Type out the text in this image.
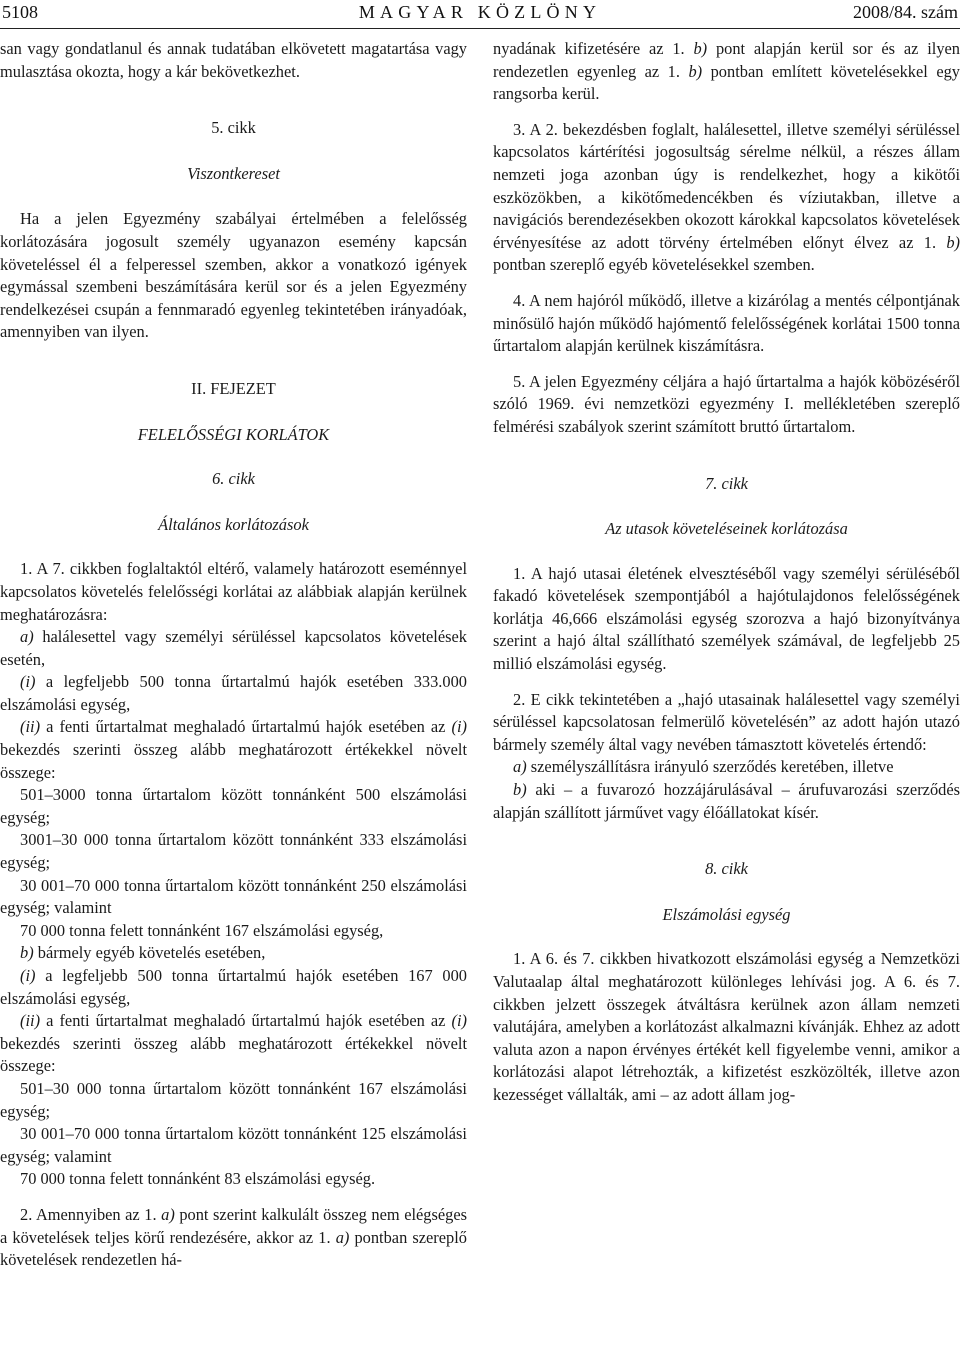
5108	MAGYAR KÖZLÖNY	2008/84. szám

san vagy gondatlanul és annak tudatában elkövetett magatartása vagy mulasztása okozta, hogy a kár bekövetkezhet.

5. cikk

Viszontkereset

Ha a jelen Egyezmény szabályai értelmében a felelősség korlátozására jogosult személy ugyanazon esemény kapcsán követeléssel él a felperessel szemben, akkor a vonatkozó igények egymással szembeni beszámítására kerül sor és a jelen Egyezmény rendelkezései csupán a fennmaradó egyenleg tekintetében irányadóak, amennyiben van ilyen.

II. FEJEZET

FELELŐSSÉGI KORLÁTOK

6. cikk

Általános korlátozások

1. A 7. cikkben foglaltaktól eltérő, valamely határozott eseménnyel kapcsolatos követelés felelősségi korlátai az alábbiak alapján kerülnek meghatározásra:

a) halálesettel vagy személyi sérüléssel kapcsolatos követelések esetén,

(i) a legfeljebb 500 tonna űrtartalmú hajók esetében 333.000 elszámolási egység,

(ii) a fenti űrtartalmat meghaladó űrtartalmú hajók esetében az (i) bekezdés szerinti összeg alább meghatározott értékekkel növelt összege:

501–3000 tonna űrtartalom között tonnánként 500 elszámolási egység;

3001–30 000 tonna űrtartalom között tonnánként 333 elszámolási egység;

30 001–70 000 tonna űrtartalom között tonnánként 250 elszámolási egység; valamint

70 000 tonna felett tonnánként 167 elszámolási egység,

b) bármely egyéb követelés esetében,

(i) a legfeljebb 500 tonna űrtartalmú hajók esetében 167 000 elszámolási egység,

(ii) a fenti űrtartalmat meghaladó űrtartalmú hajók esetében az (i) bekezdés szerinti összeg alább meghatározott értékekkel növelt összege:

501–30 000 tonna űrtartalom között tonnánként 167 elszámolási egység;

30 001–70 000 tonna űrtartalom között tonnánként 125 elszámolási egység; valamint

70 000 tonna felett tonnánként 83 elszámolási egység.

2. Amennyiben az 1. a) pont szerint kalkulált összeg nem elégséges a követelések teljes körű rendezésére, akkor az 1. a) pontban szereplő követelések rendezetlen há-

nyadának kifizetésére az 1. b) pont alapján kerül sor és az ilyen rendezetlen egyenleg az 1. b) pontban említett követelésekkel egy rangsorba kerül.

3. A 2. bekezdésben foglalt, halálesettel, illetve személyi sérüléssel kapcsolatos kártérítési jogosultság sérelme nélkül, a részes állam nemzeti joga azonban úgy is rendelkezhet, hogy a kikötői eszközökben, a kikötőmedencékben és víziutakban, illetve a navigációs berendezésekben okozott károkkal kapcsolatos követelések érvényesítése az adott törvény értelmében előnyt élvez az 1. b) pontban szereplő egyéb követelésekkel szemben.

4. A nem hajóról működő, illetve a kizárólag a mentés célpontjának minősülő hajón működő hajómentő felelősségének korlátai 1500 tonna űrtartalom alapján kerülnek kiszámításra.

5. A jelen Egyezmény céljára a hajó űrtartalma a hajók köbözéséről szóló 1969. évi nemzetközi egyezmény I. mellékletében szereplő felmérési szabályok szerint számított bruttó űrtartalom.

7. cikk

Az utasok követeléseinek korlátozása

1. A hajó utasai életének elvesztéséből vagy személyi sérüléséből fakadó követelések szempontjából a hajótulajdonos felelősségének korlátja 46,666 elszámolási egység szorozva a hajó bizonyítványa szerint a hajó által szállítható személyek számával, de legfeljebb 25 millió elszámolási egység.

2. E cikk tekintetében a „hajó utasainak halálesettel vagy személyi sérüléssel kapcsolatosan felmerülő követelésén” az adott hajón utazó bármely személy által vagy nevében támasztott követelés értendő:

a) személyszállításra irányuló szerződés keretében, illetve

b) aki – a fuvarozó hozzájárulásával – árufuvarozási szerződés alapján szállított járművet vagy élőállatokat kísér.

8. cikk

Elszámolási egység

1. A 6. és 7. cikkben hivatkozott elszámolási egység a Nemzetközi Valutaalap által meghatározott különleges lehívási jog. A 6. és 7. cikkben jelzett összegek átváltásra kerülnek azon állam nemzeti valutájára, amelyben a korlátozást alkalmazni kívánják. Ehhez az adott valuta azon a napon érvényes értékét kell figyelembe venni, amikor a korlátozási alapot létrehozták, a kifizetést eszközölték, illetve azon kezességet vállalták, ami – az adott állam jog-
